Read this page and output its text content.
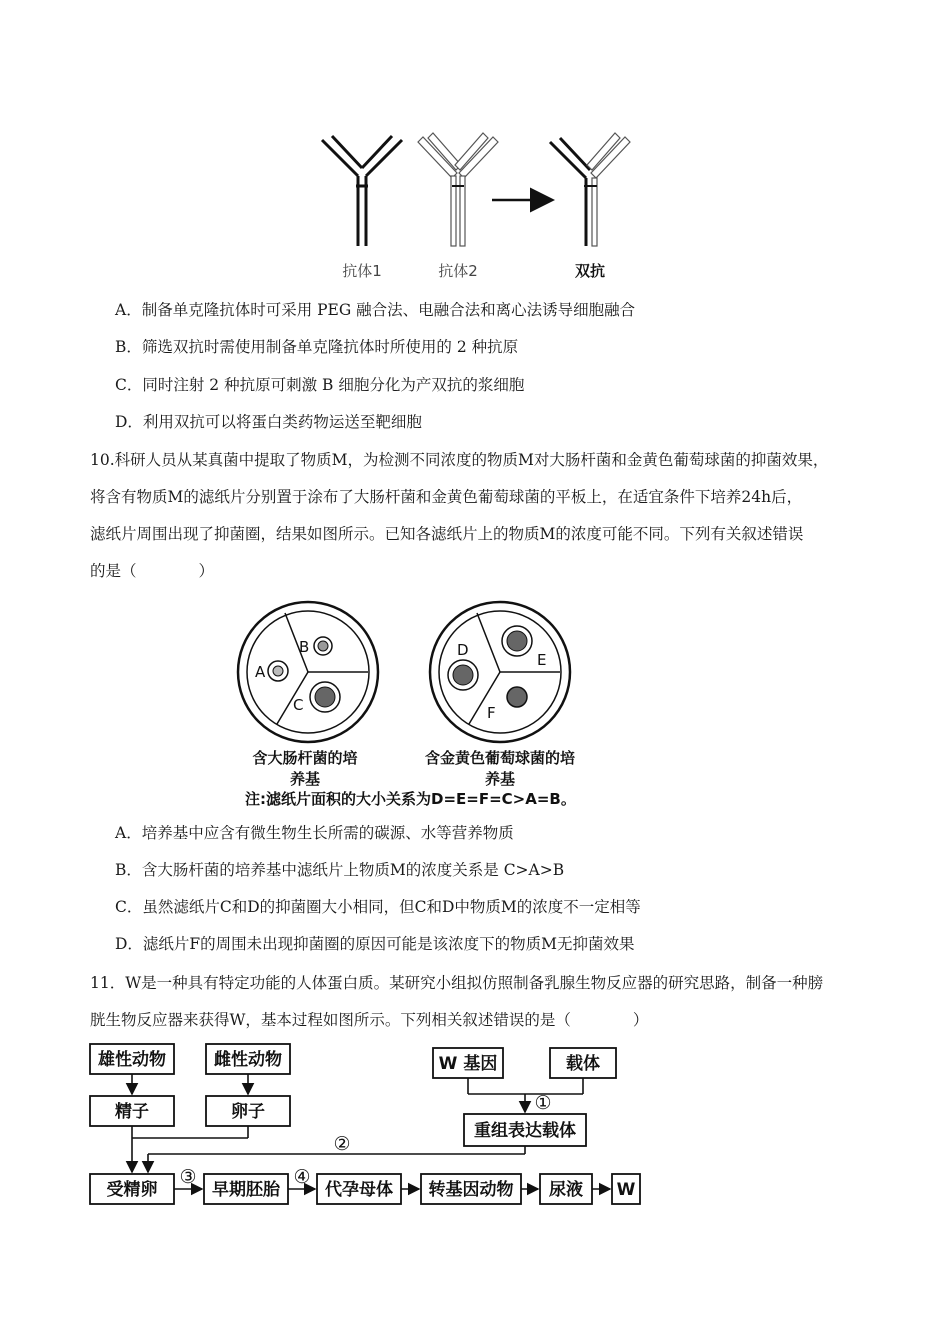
抗体1	抗体2	双抗
A．制备单克隆抗体时可采用 PEG 融合法、电融合法和离心法诱导细胞融合
B．筛选双抗时需使用制备单克隆抗体时所使用的 2 种抗原
C．同时注射 2 种抗原可刺激 B 细胞分化为产双抗的浆细胞
D．利用双抗可以将蛋白类药物运送至靶细胞
10.科研人员从某真菌中提取了物质M，为检测不同浓度的物质M对大肠杆菌和金黄色葡萄球菌的抑菌效果，
将含有物质M的滤纸片分别置于涂布了大肠杆菌和金黄色葡萄球菌的平板上，在适宜条件下培养24h后，
滤纸片周围出现了抑菌圈，结果如图所示。已知各滤纸片上的物质M的浓度可能不同。下列有关叙述错误
的是（　　　　）
A
B
C
D
E
F
含大肠杆菌的培
养基
含金黄色葡萄球菌的培
养基
注:滤纸片面积的大小关系为D=E=F=C>A=B。
A．培养基中应含有微生物生长所需的碳源、水等营养物质
B．含大肠杆菌的培养基中滤纸片上物质M的浓度关系是 C>A>B
C．虽然滤纸片C和D的抑菌圈大小相同，但C和D中物质M的浓度不一定相等
D．滤纸片F的周围未出现抑菌圈的原因可能是该浓度下的物质M无抑菌效果
11．W是一种具有特定功能的人体蛋白质。某研究小组拟仿照制备乳腺生物反应器的研究思路，制备一种膀
胱生物反应器来获得W，基本过程如图所示。下列相关叙述错误的是（　　　　）
雄性动物	雌性动物
精子	卵子
W 基因	载体
重组表达载体
受精卵	早期胚胎	代孕母体 转基因动物 尿液 W
①
②
③	④
